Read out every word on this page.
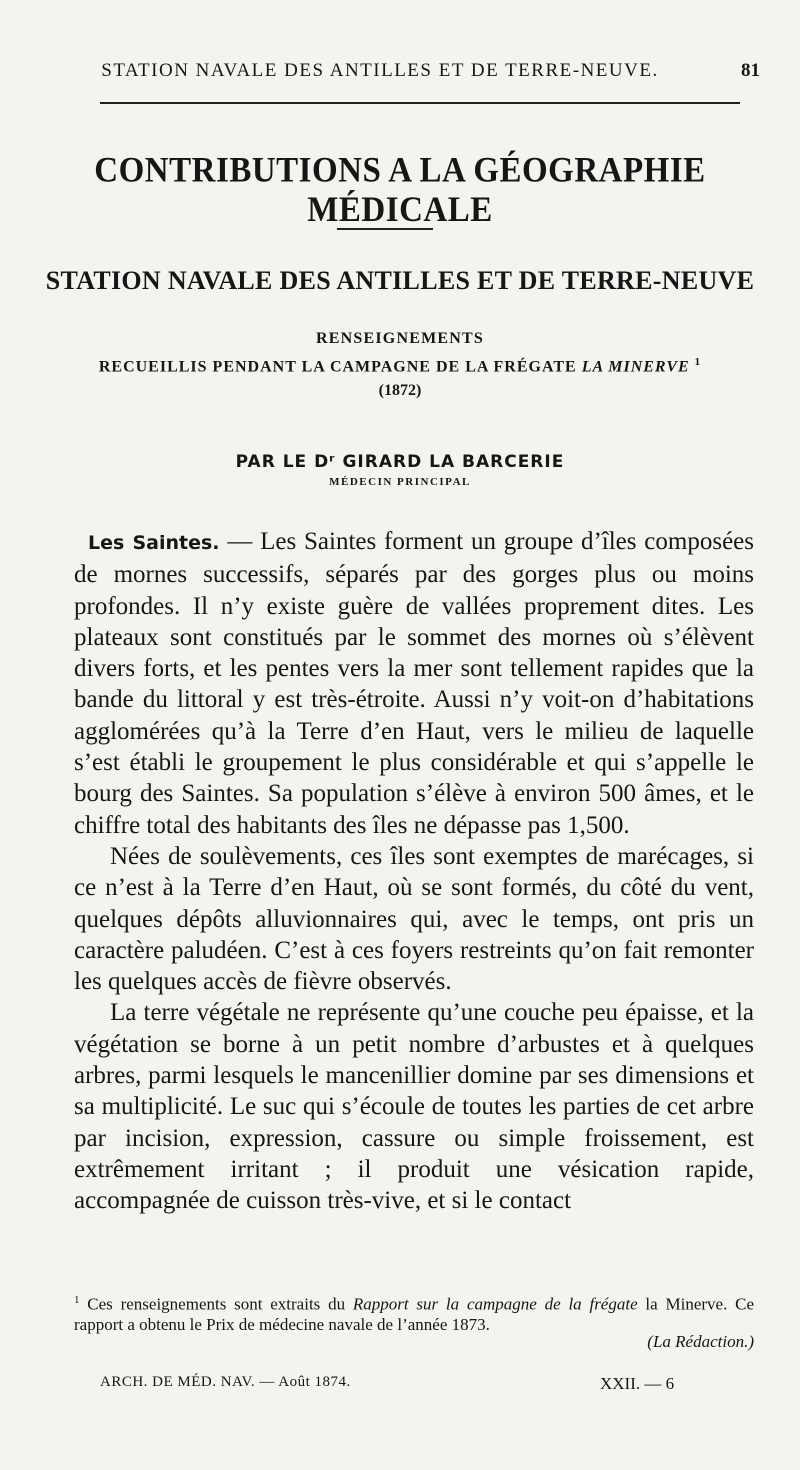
STATION NAVALE DES ANTILLES ET DE TERRE-NEUVE.	81
CONTRIBUTIONS A LA GÉOGRAPHIE MÉDICALE
STATION NAVALE DES ANTILLES ET DE TERRE-NEUVE
RENSEIGNEMENTS
RECUEILLIS PENDANT LA CAMPAGNE DE LA FRÉGATE LA MINERVE $^1$
(1872)
PAR LE Dʳ GIRARD LA BARCERIE
MÉDECIN PRINCIPAL

Les Saintes. — Les Saintes forment un groupe d’îles composées de mornes successifs, séparés par des gorges plus ou moins profondes. Il n’y existe guère de vallées proprement dites. Les plateaux sont constitués par le sommet des mornes où s’élèvent divers forts, et les pentes vers la mer sont tellement rapides que la bande du littoral y est très-étroite. Aussi n’y voit-on d’habitations agglomérées qu’à la Terre d’en Haut, vers le milieu de laquelle s’est établi le groupement le plus considérable et qui s’appelle le bourg des Saintes. Sa population s’élève à environ 500 âmes, et le chiffre total des habitants des îles ne dépasse pas 1,500.

Nées de soulèvements, ces îles sont exemptes de marécages, si ce n’est à la Terre d’en Haut, où se sont formés, du côté du vent, quelques dépôts alluvionnaires qui, avec le temps, ont pris un caractère paludéen. C’est à ces foyers restreints qu’on fait remonter les quelques accès de fièvre observés.

La terre végétale ne représente qu’une couche peu épaisse, et la végétation se borne à un petit nombre d’arbustes et à quelques arbres, parmi lesquels le mancenillier domine par ses dimensions et sa multiplicité. Le suc qui s’écoule de toutes les parties de cet arbre par incision, expression, cassure ou simple froissement, est extrêmement irritant ; il produit une vésication rapide, accompagnée de cuisson très-vive, et si le contact

$^1$ Ces renseignements sont extraits du Rapport sur la campagne de la frégate la Minerve. Ce rapport a obtenu le Prix de médecine navale de l’année 1873.
(La Rédaction.)
ARCH. DE MÉD. NAV. — Août 1874.	XXII. — 6
